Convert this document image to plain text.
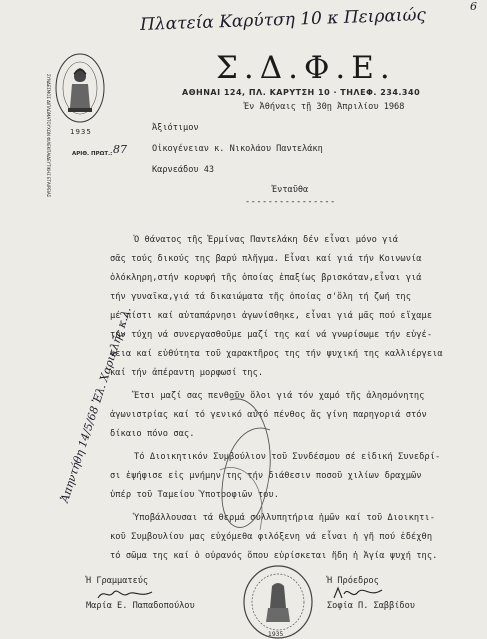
Πλατεία Καρύτση 10 κ Πειραιώς	6
ΣΥΝΔΕΣΜΟΣ ΔΙΠΛΩΜΑΤΟΥΧΩΝ ΦΙΛΕΚΠΑΙΔΕΥΤΙΚΗΣ ΕΤΑΙΡΕΙΑΣ	1935
Σ.Δ.Φ.Ε.
ΑΘΗΝΑΙ 124, ΠΛ. ΚΑΡΥΤΣΗ 10 · ΤΗΛΕΦ. 234.340
Ἐν Ἀθήναις τῇ 30ῃ Ἀπριλίου 1968
ΑΡΙΘ. ΠΡΩΤ.: 87
Ἀξιότιμον
Οἰκογένειαν κ. Νικολάου Παντελάκη
Καρνεάδου 43
Ἐνταῦθα
----------------
Ὁ θάνατος τῆς Ἑρμίνας Παντελάκη δέν εἶναι μόνο γιά
σᾶς τούς δικούς της βαρύ πλῆγμα. Εἶναι καί γιά τήν Κοινωνία
ὁλόκληρη,στήν κορυφή τῆς ὁποίας ἐπαξίως βρισκόταν,εἶναι γιά
τήν γυναῖκα,γιά τά δικαιώματα τῆς ὁποίας σ'ὅλη τή ζωή της
μέ πίστι καί αὐταπάρνησι ἀγωνίσθηκε, εἶναι γιά μᾶς πού εἴχαμε
τήν τύχη νά συνεργασθοῦμε μαζί της καί νά γνωρίσωμε τήν εὐγέ-
νεια καί εὐθύτητα τοῦ χαρακτῆρος της τήν ψυχική της καλλιέργεια
καί τήν ἀπέραντη μορφωσί της.
Ἔτσι μαζί σας πενθοῦν ὅλοι γιά τόν χαμό τῆς ἀλησμόνητης
ἀγωνιστρίας καί τό γενικό αὐτό πένθος ἄς γίνη παρηγοριά στόν
δίκαιο πόνο σας.
Τό Διοικητικόν Συμβούλιον τοῦ Συνδέσμου σέ εἰδική Συνεδρί-
σι ἐψήφισε εἰς μνήμην της τήν διάθεσιν ποσοῦ χιλίων δραχμῶν
ὑπέρ τοῦ Ταμείου Ὑποτροφιῶν του.
Ὑποβάλλουσαι τά θερμά συλλυπητήρια ἡμῶν καί τοῦ Διοικητι-
κοῦ Συμβουλίου μας εὐχόμεθα φιλόξενη νά εἶναι ἡ γῆ πού ἐδέχθη
τό σῶμα της καί ὁ οὐρανός ὅπου εὑρίσκεται ἤδη ἡ Ἁγία ψυχή της.
Ἀπηντήθη 14/5/68 Ἐλ. Χαρικλῆς κ.λ.
Ἡ Γραμματεύς
Μαρία Ε. Παπαδοπούλου
Ἡ Πρόεδρος
Σοφία Π. Σαββίδου
1935
